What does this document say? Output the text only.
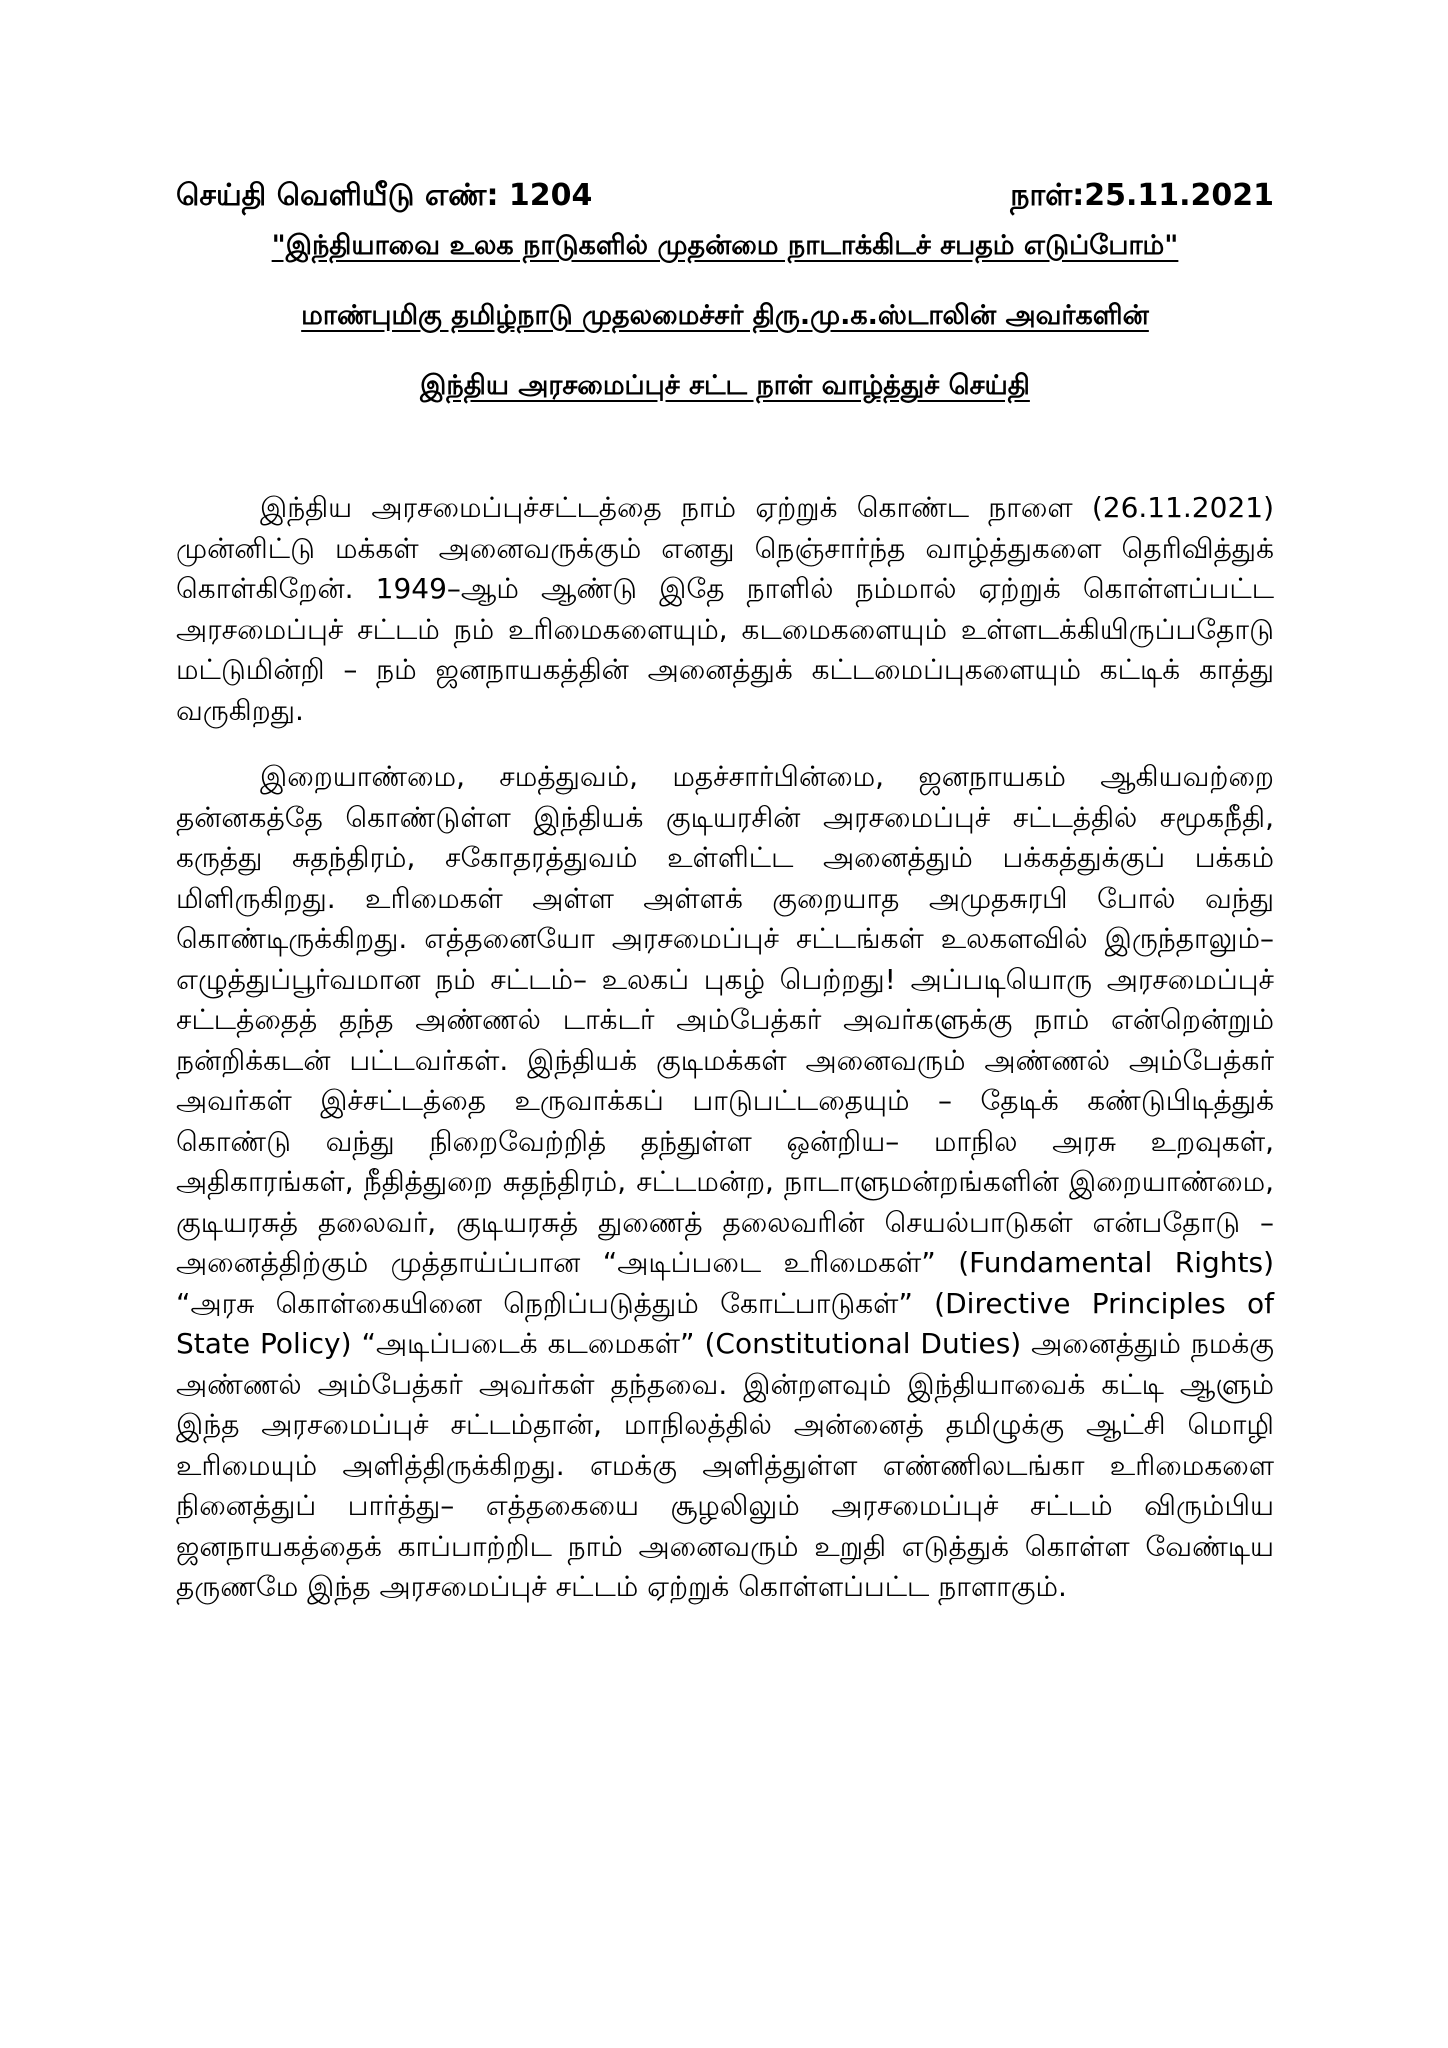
செய்தி வெளியீடு எண்: 1204	நாள்:25.11.2021
"இந்தியாவை உலக நாடுகளில் முதன்மை நாடாக்கிடச் சபதம் எடுப்போம்"
மாண்புமிகு தமிழ்நாடு முதலமைச்சர் திரு.மு.க.ஸ்டாலின் அவர்களின்
இந்திய அரசமைப்புச் சட்ட நாள் வாழ்த்துச் செய்தி

இந்திய அரசமைப்புச்சட்டத்தை நாம் ஏற்றுக் கொண்ட நாளை (26.11.2021) முன்னிட்டு மக்கள் அனைவருக்கும் எனது நெஞ்சார்ந்த வாழ்த்துகளை தெரிவித்துக் கொள்கிறேன். 1949–ஆம் ஆண்டு இதே நாளில் நம்மால் ஏற்றுக் கொள்ளப்பட்ட அரசமைப்புச் சட்டம் நம் உரிமைகளையும், கடமைகளையும் உள்ளடக்கியிருப்பதோடு மட்டுமின்றி – நம் ஜனநாயகத்தின் அனைத்துக் கட்டமைப்புகளையும் கட்டிக் காத்து வருகிறது.

இறையாண்மை, சமத்துவம், மதச்சார்பின்மை, ஜனநாயகம் ஆகியவற்றை தன்னகத்தே கொண்டுள்ள இந்தியக் குடியரசின் அரசமைப்புச் சட்டத்தில் சமூகநீதி, கருத்து சுதந்திரம், சகோதரத்துவம் உள்ளிட்ட அனைத்தும் பக்கத்துக்குப் பக்கம் மிளிருகிறது. உரிமைகள் அள்ள அள்ளக் குறையாத அமுதசுரபி போல் வந்து கொண்டிருக்கிறது. எத்தனையோ அரசமைப்புச் சட்டங்கள் உலகளவில் இருந்தாலும்– எழுத்துப்பூர்வமான நம் சட்டம்– உலகப் புகழ் பெற்றது! அப்படியொரு அரசமைப்புச் சட்டத்தைத் தந்த அண்ணல் டாக்டர் அம்பேத்கர் அவர்களுக்கு நாம் என்றென்றும் நன்றிக்கடன் பட்டவர்கள். இந்தியக் குடிமக்கள் அனைவரும் அண்ணல் அம்பேத்கர் அவர்கள் இச்சட்டத்தை உருவாக்கப் பாடுபட்டதையும் – தேடிக் கண்டுபிடித்துக் கொண்டு வந்து நிறைவேற்றித் தந்துள்ள ஒன்றிய– மாநில அரசு உறவுகள், அதிகாரங்கள், நீதித்துறை சுதந்திரம், சட்டமன்ற, நாடாளுமன்றங்களின் இறையாண்மை, குடியரசுத் தலைவர், குடியரசுத் துணைத் தலைவரின் செயல்பாடுகள் என்பதோடு – அனைத்திற்கும் முத்தாய்ப்பான “அடிப்படை உரிமைகள்” (Fundamental Rights) “அரசு கொள்கையினை நெறிப்படுத்தும் கோட்பாடுகள்” (Directive Principles of State Policy) “அடிப்படைக் கடமைகள்” (Constitutional Duties) அனைத்தும் நமக்கு அண்ணல் அம்பேத்கர் அவர்கள் தந்தவை. இன்றளவும் இந்தியாவைக் கட்டி ஆளும் இந்த அரசமைப்புச் சட்டம்தான், மாநிலத்தில் அன்னைத் தமிழுக்கு ஆட்சி மொழி உரிமையும் அளித்திருக்கிறது. எமக்கு அளித்துள்ள எண்ணிலடங்கா உரிமைகளை நினைத்துப் பார்த்து– எத்தகையை சூழலிலும் அரசமைப்புச் சட்டம் விரும்பிய ஜனநாயகத்தைக் காப்பாற்றிட நாம் அனைவரும் உறுதி எடுத்துக் கொள்ள வேண்டிய தருணமே இந்த அரசமைப்புச் சட்டம் ஏற்றுக் கொள்ளப்பட்ட நாளாகும்.
